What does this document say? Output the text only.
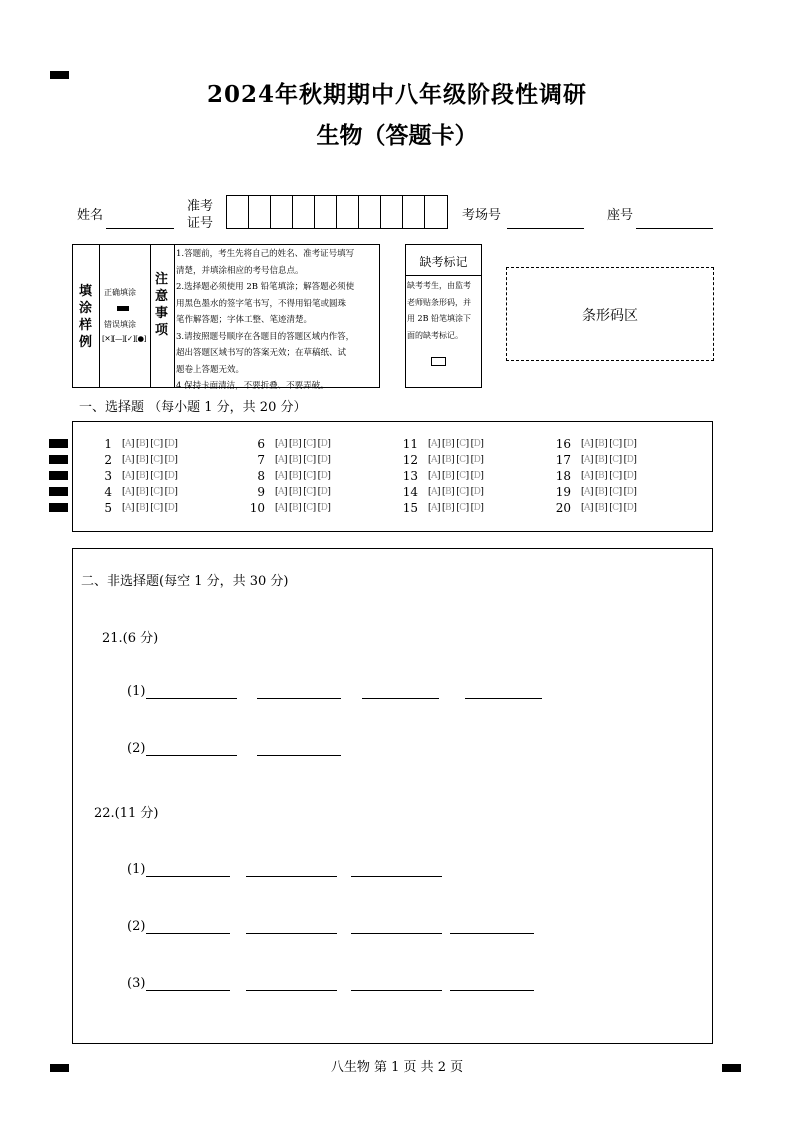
2024年秋期期中八年级阶段性调研
生物（答题卡）
姓名
准考
证号
考场号	座号
填
涂
样
例
正确填涂
错误填涂
[✕][—][✓][●]
注
意
事
项
1.答题前，考生先将自己的姓名、准考证号填写
清楚，并填涂相应的考号信息点。
2.选择题必须使用 2B 铅笔填涂；解答题必须使
用黑色墨水的签字笔书写，不得用铅笔或圆珠
笔作解答题；字体工整、笔迹清楚。
3.请按照题号顺序在各题目的答题区域内作答，
超出答题区域书写的答案无效；在草稿纸、试
题卷上答题无效。
4.保持卡面清洁，不要折叠、不要弄破。
缺考标记
缺考考生，由监考
老师贴条形码，并
用 2B 铅笔填涂下
面的缺考标记。
条形码区
一、选择题 （每小题 1 分，共 20 分）
1 [A] [B] [C] [D]
2 [A] [B] [C] [D]
3 [A] [B] [C] [D]
4 [A] [B] [C] [D]
5 [A] [B] [C] [D]
6 [A] [B] [C] [D]
7 [A] [B] [C] [D]
8 [A] [B] [C] [D]
9 [A] [B] [C] [D]
10 [A] [B] [C] [D]
11 [A] [B] [C] [D]
12 [A] [B] [C] [D]
13 [A] [B] [C] [D]
14 [A] [B] [C] [D]
15 [A] [B] [C] [D]
16 [A] [B] [C] [D]
17 [A] [B] [C] [D]
18 [A] [B] [C] [D]
19 [A] [B] [C] [D]
20 [A] [B] [C] [D]
二、非选择题(每空 1 分，共 30 分)
21.(6 分)
(1)
(2)
22.(11 分)
(1)
(2)
(3)
八生物 第 1 页 共 2 页
